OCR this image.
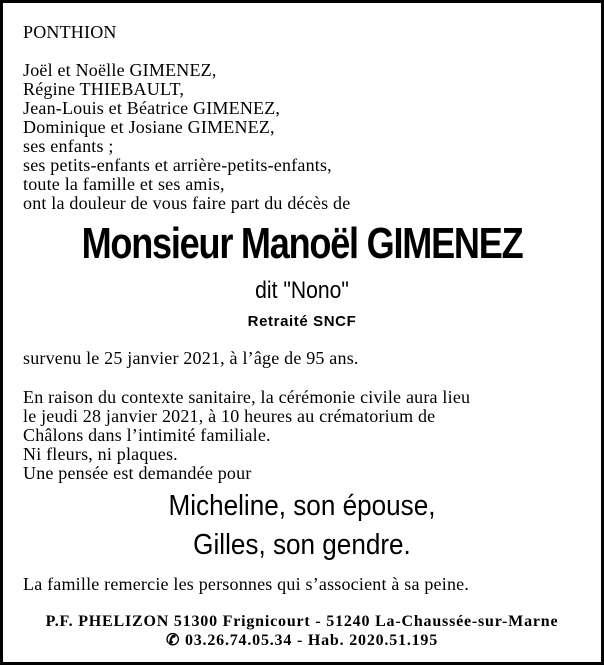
PONTHION
Joël et Noëlle GIMENEZ,
Régine THIEBAULT,
Jean-Louis et Béatrice GIMENEZ,
Dominique et Josiane GIMENEZ,
ses enfants ;
ses petits-enfants et arrière-petits-enfants,
toute la famille et ses amis,
ont la douleur de vous faire part du décès de
Monsieur Manoël GIMENEZ
dit "Nono"
Retraité SNCF
survenu le 25 janvier 2021, à l’âge de 95 ans.
En raison du contexte sanitaire, la cérémonie civile aura lieu
le jeudi 28 janvier 2021, à 10 heures au crématorium de
Châlons dans l’intimité familiale.
Ni fleurs, ni plaques.
Une pensée est demandée pour
Micheline, son épouse,
Gilles, son gendre.
La famille remercie les personnes qui s’associent à sa peine.
P.F. PHELIZON 51300 Frignicourt - 51240 La-Chaussée-sur-Marne
✆ 03.26.74.05.34 - Hab. 2020.51.195
